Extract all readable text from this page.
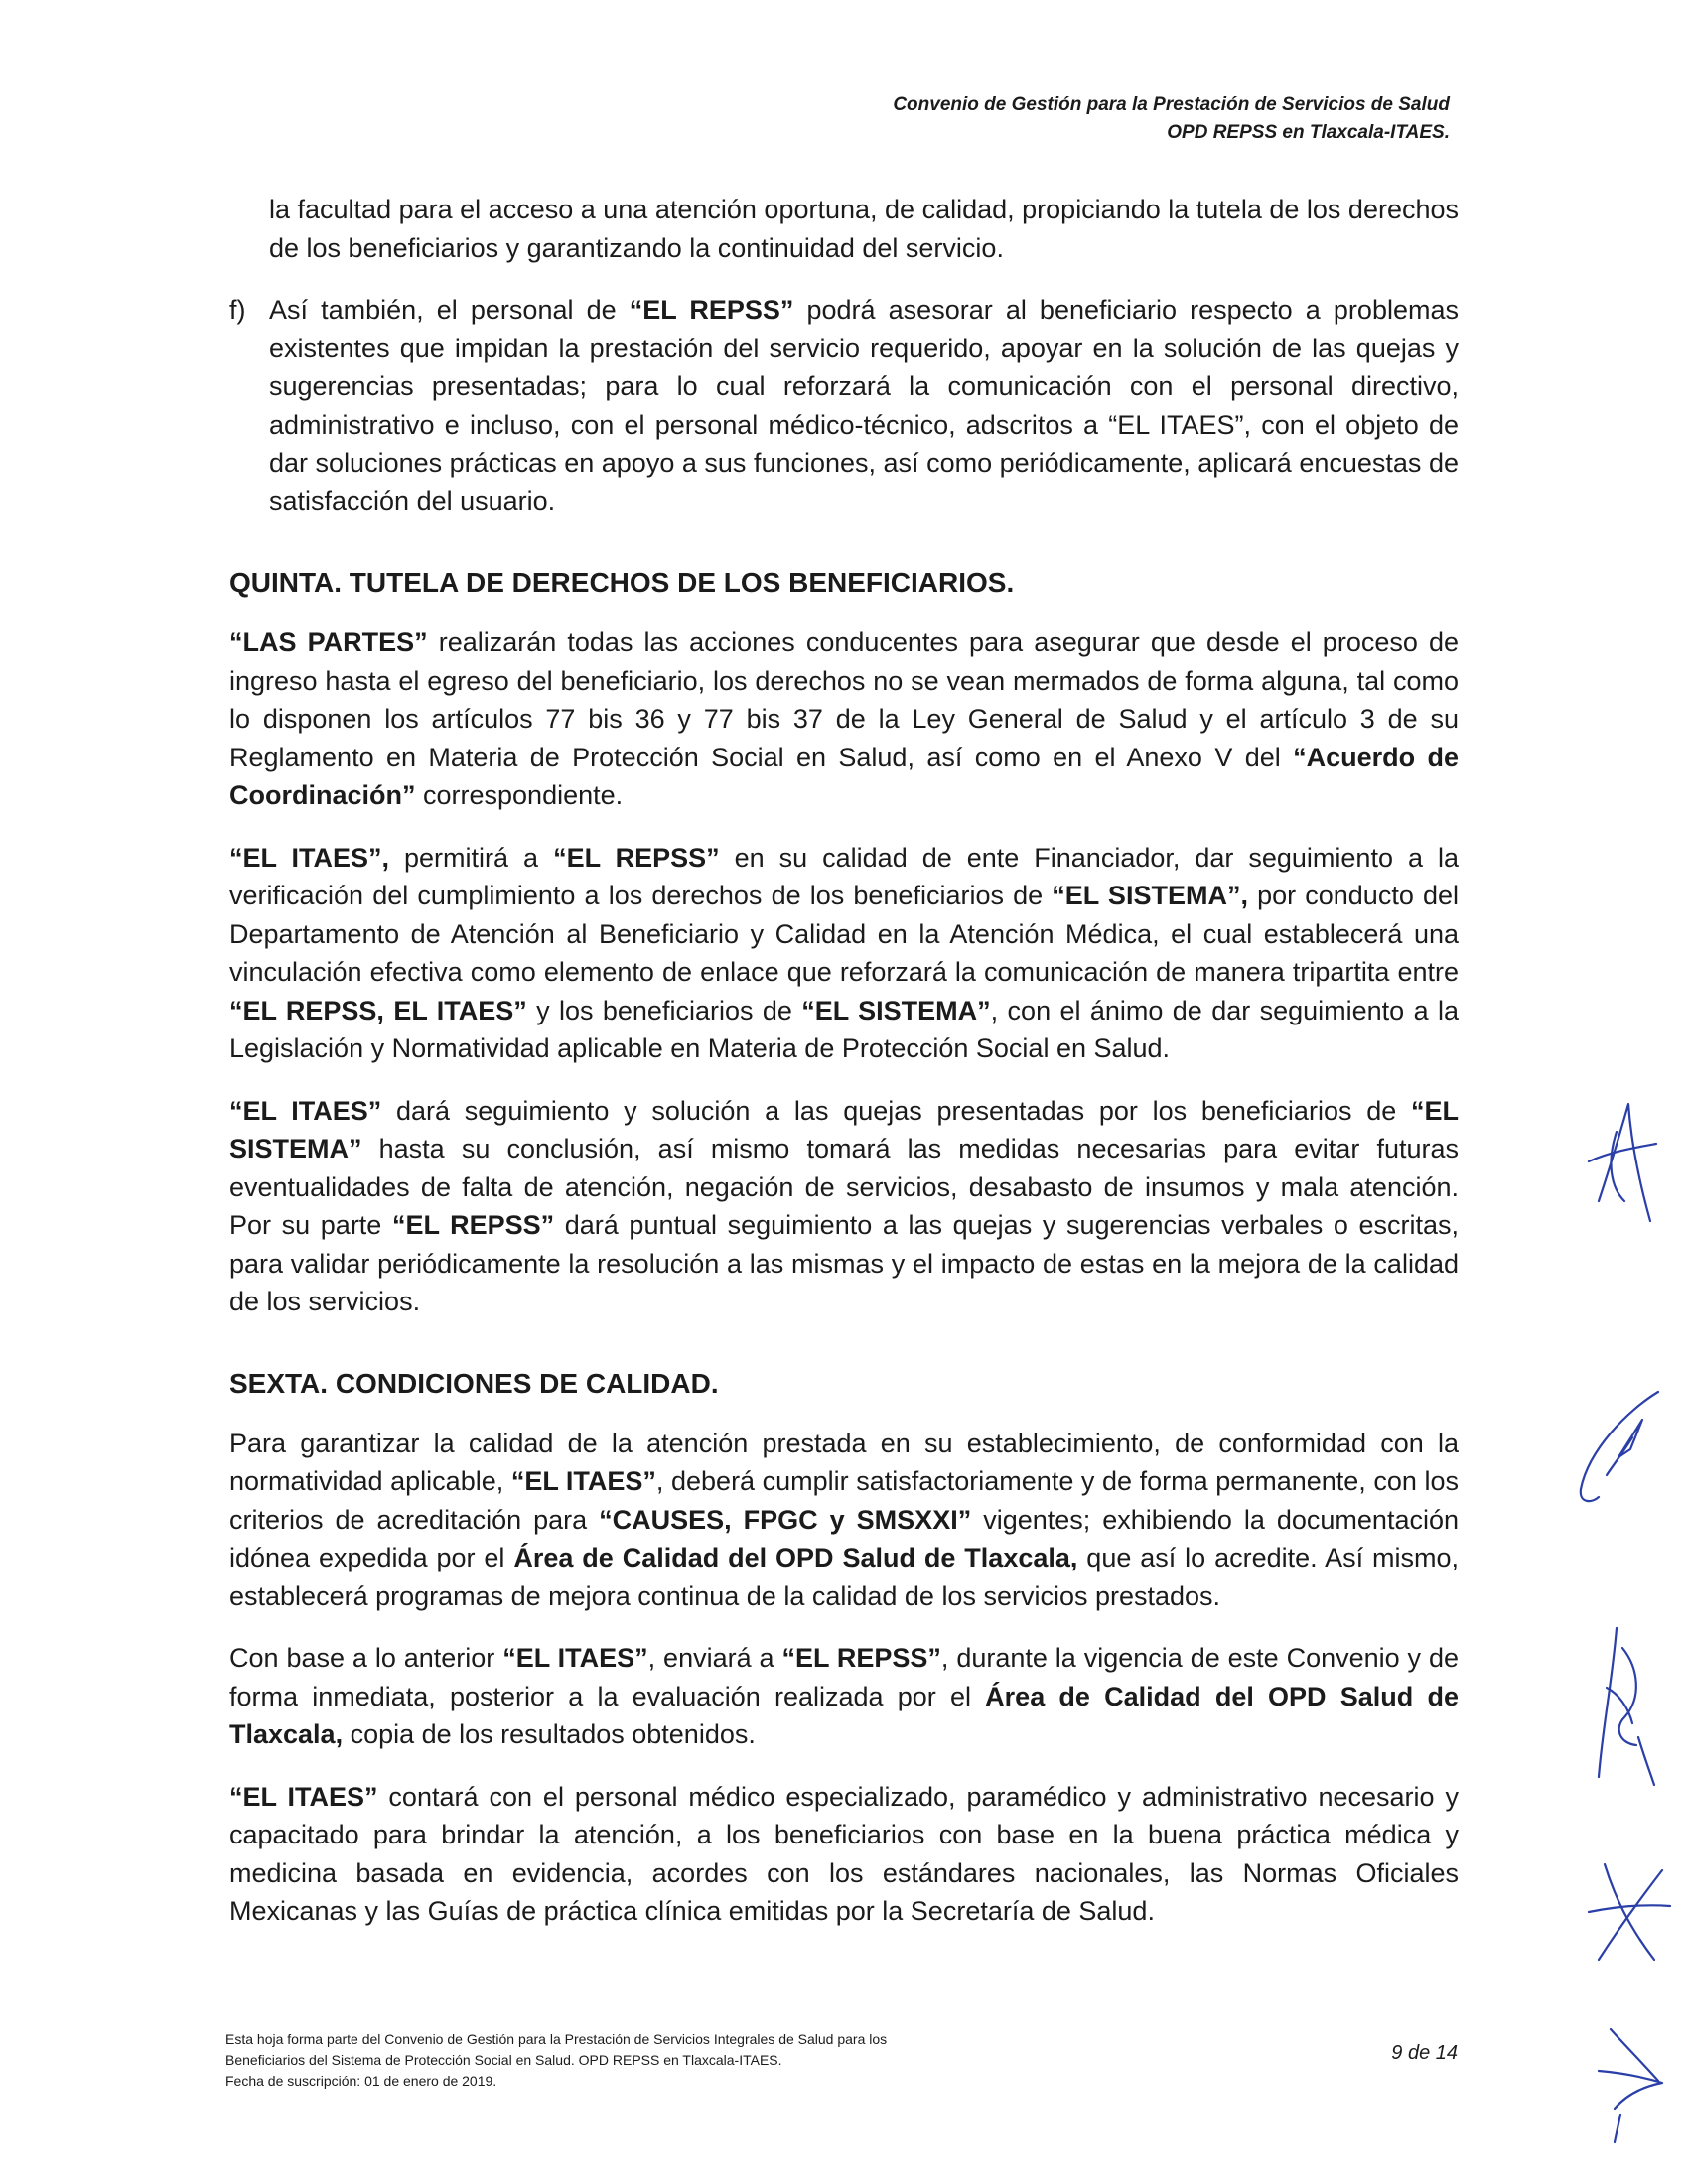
Convenio de Gestión para la Prestación de Servicios de Salud
OPD REPSS en Tlaxcala-ITAES.

la facultad para el acceso a una atención oportuna, de calidad, propiciando la tutela de los derechos de los beneficiarios y garantizando la continuidad del servicio.

f) Así también, el personal de “EL REPSS” podrá asesorar al beneficiario respecto a problemas existentes que impidan la prestación del servicio requerido, apoyar en la solución de las quejas y sugerencias presentadas; para lo cual reforzará la comunicación con el personal directivo, administrativo e incluso, con el personal médico-técnico, adscritos a “EL ITAES”, con el objeto de dar soluciones prácticas en apoyo a sus funciones, así como periódicamente, aplicará encuestas de satisfacción del usuario.

QUINTA. TUTELA DE DERECHOS DE LOS BENEFICIARIOS.

“LAS PARTES” realizarán todas las acciones conducentes para asegurar que desde el proceso de ingreso hasta el egreso del beneficiario, los derechos no se vean mermados de forma alguna, tal como lo disponen los artículos 77 bis 36 y 77 bis 37 de la Ley General de Salud y el artículo 3 de su Reglamento en Materia de Protección Social en Salud, así como en el Anexo V del “Acuerdo de Coordinación” correspondiente.

“EL ITAES”, permitirá a “EL REPSS” en su calidad de ente Financiador, dar seguimiento a la verificación del cumplimiento a los derechos de los beneficiarios de “EL SISTEMA”, por conducto del Departamento de Atención al Beneficiario y Calidad en la Atención Médica, el cual establecerá una vinculación efectiva como elemento de enlace que reforzará la comunicación de manera tripartita entre “EL REPSS, EL ITAES” y los beneficiarios de “EL SISTEMA”, con el ánimo de dar seguimiento a la Legislación y Normatividad aplicable en Materia de Protección Social en Salud.

“EL ITAES” dará seguimiento y solución a las quejas presentadas por los beneficiarios de “EL SISTEMA” hasta su conclusión, así mismo tomará las medidas necesarias para evitar futuras eventualidades de falta de atención, negación de servicios, desabasto de insumos y mala atención. Por su parte “EL REPSS” dará puntual seguimiento a las quejas y sugerencias verbales o escritas, para validar periódicamente la resolución a las mismas y el impacto de estas en la mejora de la calidad de los servicios.

SEXTA. CONDICIONES DE CALIDAD.

Para garantizar la calidad de la atención prestada en su establecimiento, de conformidad con la normatividad aplicable, “EL ITAES”, deberá cumplir satisfactoriamente y de forma permanente, con los criterios de acreditación para “CAUSES, FPGC y SMSXXI” vigentes; exhibiendo la documentación idónea expedida por el Área de Calidad del OPD Salud de Tlaxcala, que así lo acredite. Así mismo, establecerá programas de mejora continua de la calidad de los servicios prestados.

Con base a lo anterior “EL ITAES”, enviará a “EL REPSS”, durante la vigencia de este Convenio y de forma inmediata, posterior a la evaluación realizada por el Área de Calidad del OPD Salud de Tlaxcala, copia de los resultados obtenidos.

“EL ITAES” contará con el personal médico especializado, paramédico y administrativo necesario y capacitado para brindar la atención, a los beneficiarios con base en la buena práctica médica y medicina basada en evidencia, acordes con los estándares nacionales, las Normas Oficiales Mexicanas y las Guías de práctica clínica emitidas por la Secretaría de Salud.

Esta hoja forma parte del Convenio de Gestión para la Prestación de Servicios Integrales de Salud para los
Beneficiarios del Sistema de Protección Social en Salud. OPD REPSS en Tlaxcala-ITAES.
Fecha de suscripción: 01 de enero de 2019.
9 de 14
